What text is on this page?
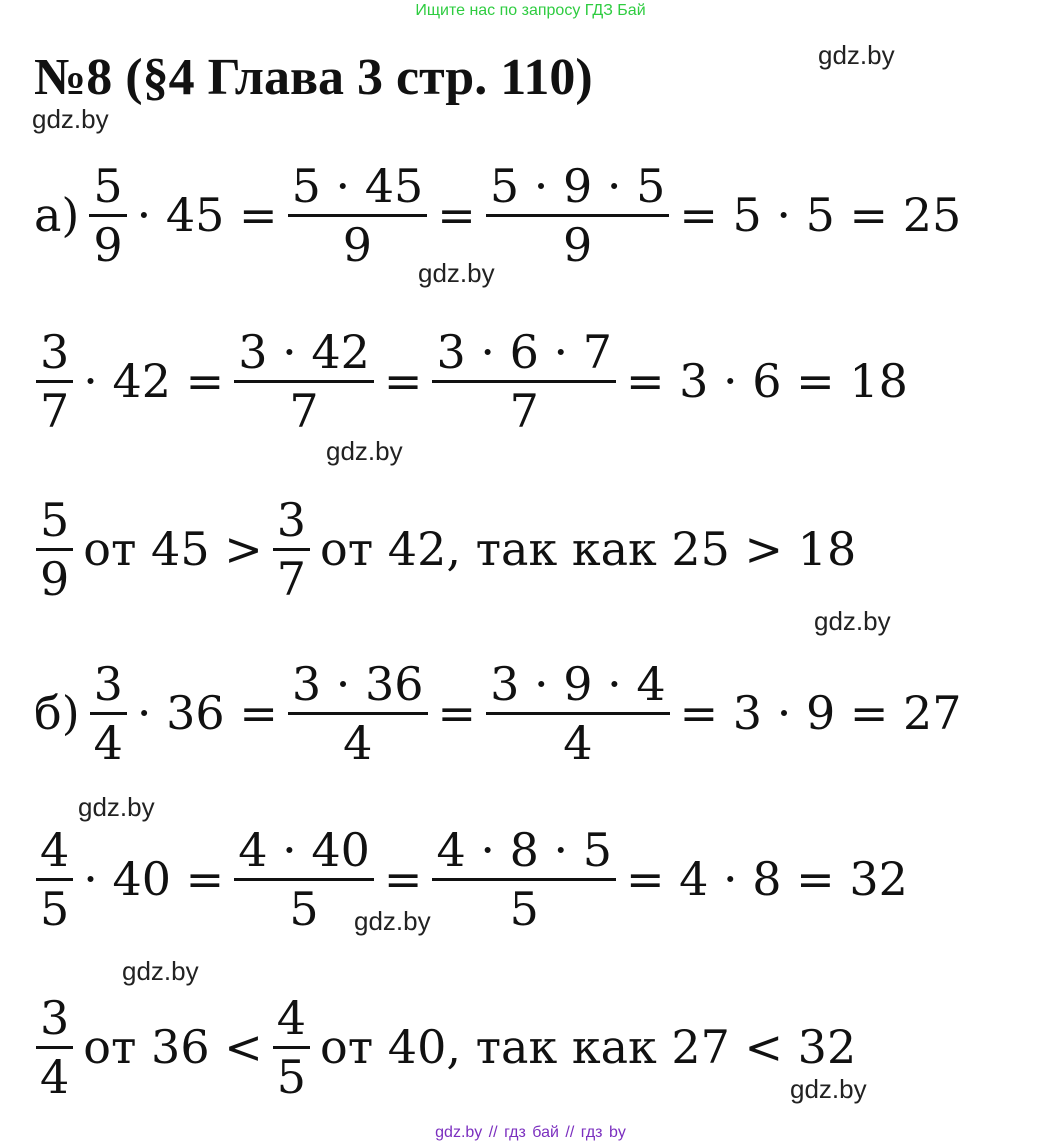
Ищите нас по запросу ГДЗ Бай
№8 (§4 Глава 3 стр. 110)	gdz.by
gdz.by
gdz.by
gdz.by
gdz.by
gdz.by
gdz.by
gdz.by
gdz.by
$а) \frac{5}{9} \cdot 45 = \frac{5 \cdot 45}{9} = \frac{5 \cdot 9 \cdot 5}{9} = 5 \cdot 5 = 25$
$\frac{3}{7} \cdot 42 = \frac{3 \cdot 42}{7} = \frac{3 \cdot 6 \cdot 7}{7} = 3 \cdot 6 = 18$
$\frac{5}{9}$ от $45 > \frac{3}{7}$ от 42, так как 25 > 18
$б) \frac{3}{4} \cdot 36 = \frac{3 \cdot 36}{4} = \frac{3 \cdot 9 \cdot 4}{4} = 3 \cdot 9 = 27$
$\frac{4}{5} \cdot 40 = \frac{4 \cdot 40}{5} = \frac{4 \cdot 8 \cdot 5}{5} = 4 \cdot 8 = 32$
$\frac{3}{4}$ от $36 < \frac{4}{5}$ от 40, так как 27 < 32
gdz.by // гдз бай // гдз by
